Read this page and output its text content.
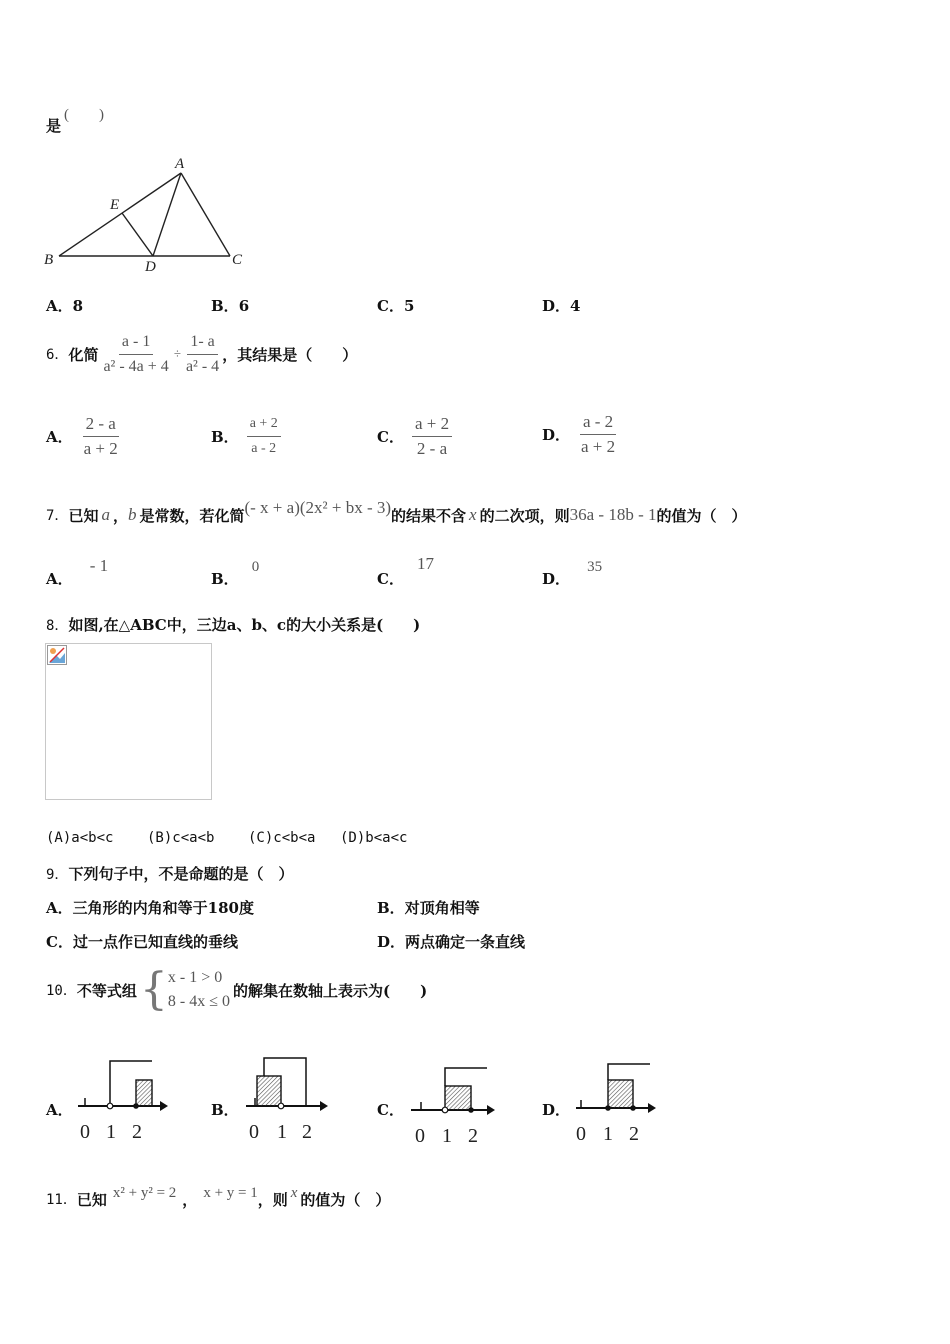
是
(　　)
A
B	C
D
E
A．8	B．6	C．5	D．4
6． 化简 $\frac{a - 1}{\text{a² - 4a + 4}} \div \frac{1- a}{\text{a² - 4}}$ ，其结果是（　　）
A． $\frac{2 - a}{a + 2}$	B． $\frac{a + 2}{a - 2}$	C． $\frac{a + 2}{2 - a}$	D． $\frac{a - 2}{a + 2}$
7． 已知 a ， b 是常数，若化简 (- x + a)(2x² + bx - 3) 的结果不含 x 的二次项，则 36a - 18b - 1 的值为（　）
A． - 1
B． 0
C． 17
D． 35
8．如图,在△ABC中，三边a、b、c的大小关系是(　　)
(A)a<b<c (B)c<a<b (C)c<b<a (D)b<a<c
9．下列句子中，不是命题的是（　）
A．三角形的内角和等于180度	B．对顶角相等
C．过一点作已知直线的垂线	D．两点确定一条直线
10． 不等式组 { x - 1 > 0
8 - 4x ≤ 0
的解集在数轴上表示为(　　)
A．
0 1 2
B．
0 1 2
C．
0 1 2
D．
0 1 2
11． 已知 x² + y² = 2 ， x + y = 1 ，则 x 的值为（　）
